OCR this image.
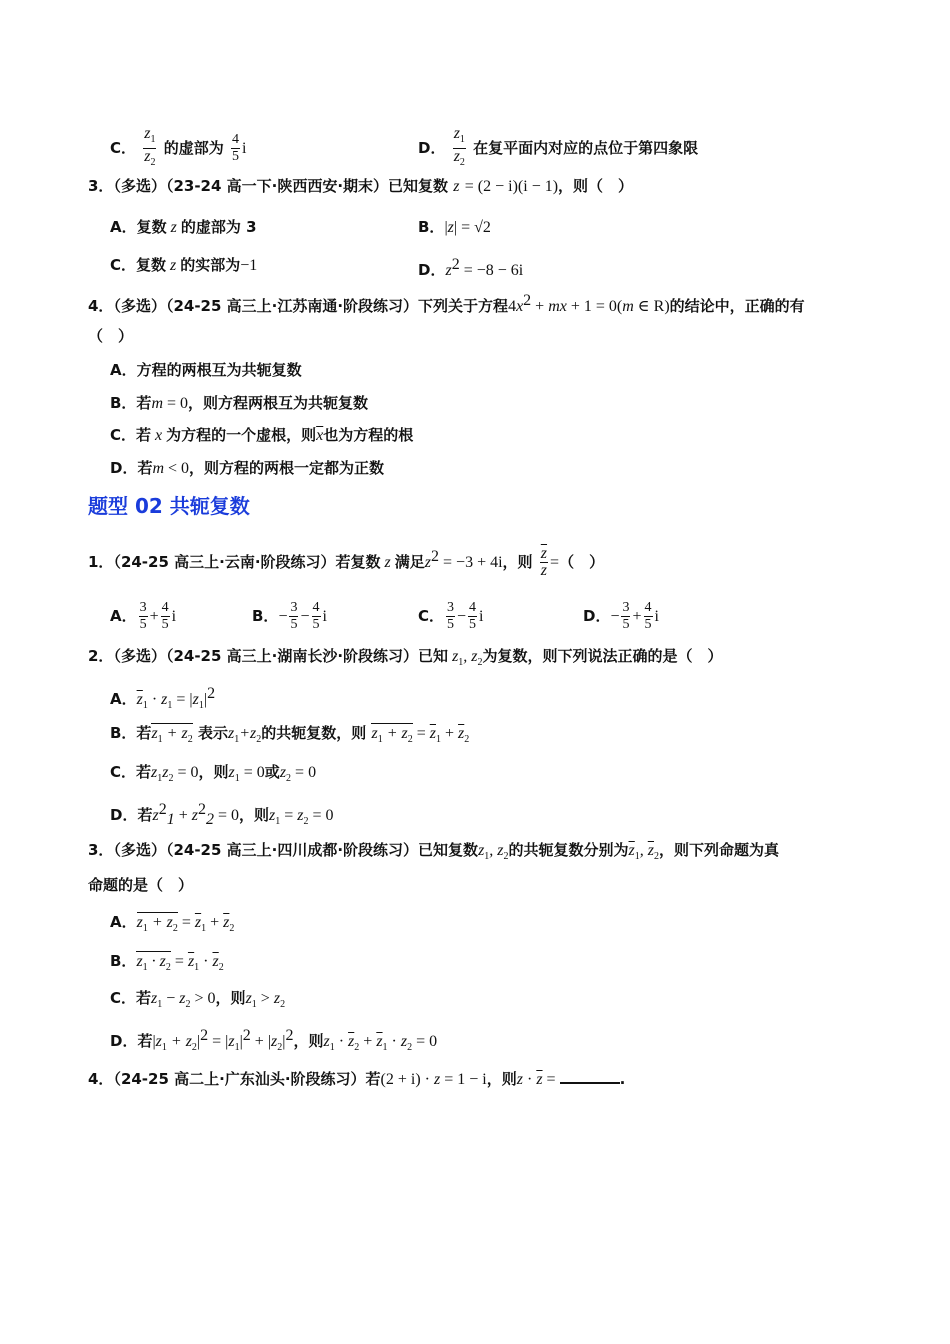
C． $\frac{z_1}{z_2}$ 的虚部为 $\frac{4}{5}$ i	D． $\frac{z_1}{z_2}$ 在复平面内对应的点位于第四象限
3．（多选）（23-24 高一下·陕西西安·期末）已知复数 z = (2 − i)(i − 1)，则（　）
A．复数 z 的虚部为 3	B．|z| = √2
C．复数 z 的实部为−1	D．$z^2 = -8 - 6i$
4．（多选）（24-25 高三上·江苏南通·阶段练习）下列关于方程$4x^2$ + mx + 1 = 0(m ∈ R)的结论中，正确的有
（　）
A．方程的两根互为共轭复数
B．若m = 0，则方程两根互为共轭复数
C．若 x 为方程的一个虚根，则$\overline{x}$也为方程的根
D．若m < 0，则方程的两根一定都为正数
题型 02 共轭复数
1．（24-25 高三上·云南·阶段练习）若复数 z 满足$z^2 = -3 + 4i$，则 $\frac{\overline{z}}{z}$ =（　）
A． $\frac{3}{5} + \frac{4}{5}$ i	B．− $\frac{3}{5} - \frac{4}{5}$ i	C． $\frac{3}{5} - \frac{4}{5}$ i	D．− $\frac{3}{5} + \frac{4}{5}$ i
2．（多选）（24-25 高三上·湖南长沙·阶段练习）已知 $z_1$, $z_2$为复数，则下列说法正确的是（　）
A．$\overline{z}_1 \cdot z_1 = |z_1|^2$
B．若$z_1 + z_2$ 表示$z_1+z_2$的共轭复数，则 $z_1 + z_2 = \overline{z}_1 + \overline{z}_2$
C．若$z_1z_2 = 0$，则$z_1 = 0$或$z_2 = 0$
D．若$z^2_1 + z^2_2 = 0$，则$z_1 = z_2 = 0$
3．（多选）（24-25 高三上·四川成都·阶段练习）已知复数$z_1$, $z_2$的共轭复数分别为$\overline{z}_1$, $\overline{z}_2$，则下列命题为真
命题的是（　）
A．$z_1 + z_2 = \overline{z}_1 + \overline{z}_2$
B．$z_1 \cdot z_2 = \overline{z}_1 \cdot \overline{z}_2$
C．若$z_1 - z_2 > 0$，则$z_1 > z_2$
D．若$|z_1 + z_2|^2 = |z_1|^2 + |z_2|^2$，则$z_1 \cdot \overline{z}_2 + \overline{z}_1 \cdot z_2 = 0$
4．（24-25 高二上·广东汕头·阶段练习）若(2 + i) · z = 1 − i，则$z \cdot \overline{z}$ =	.
